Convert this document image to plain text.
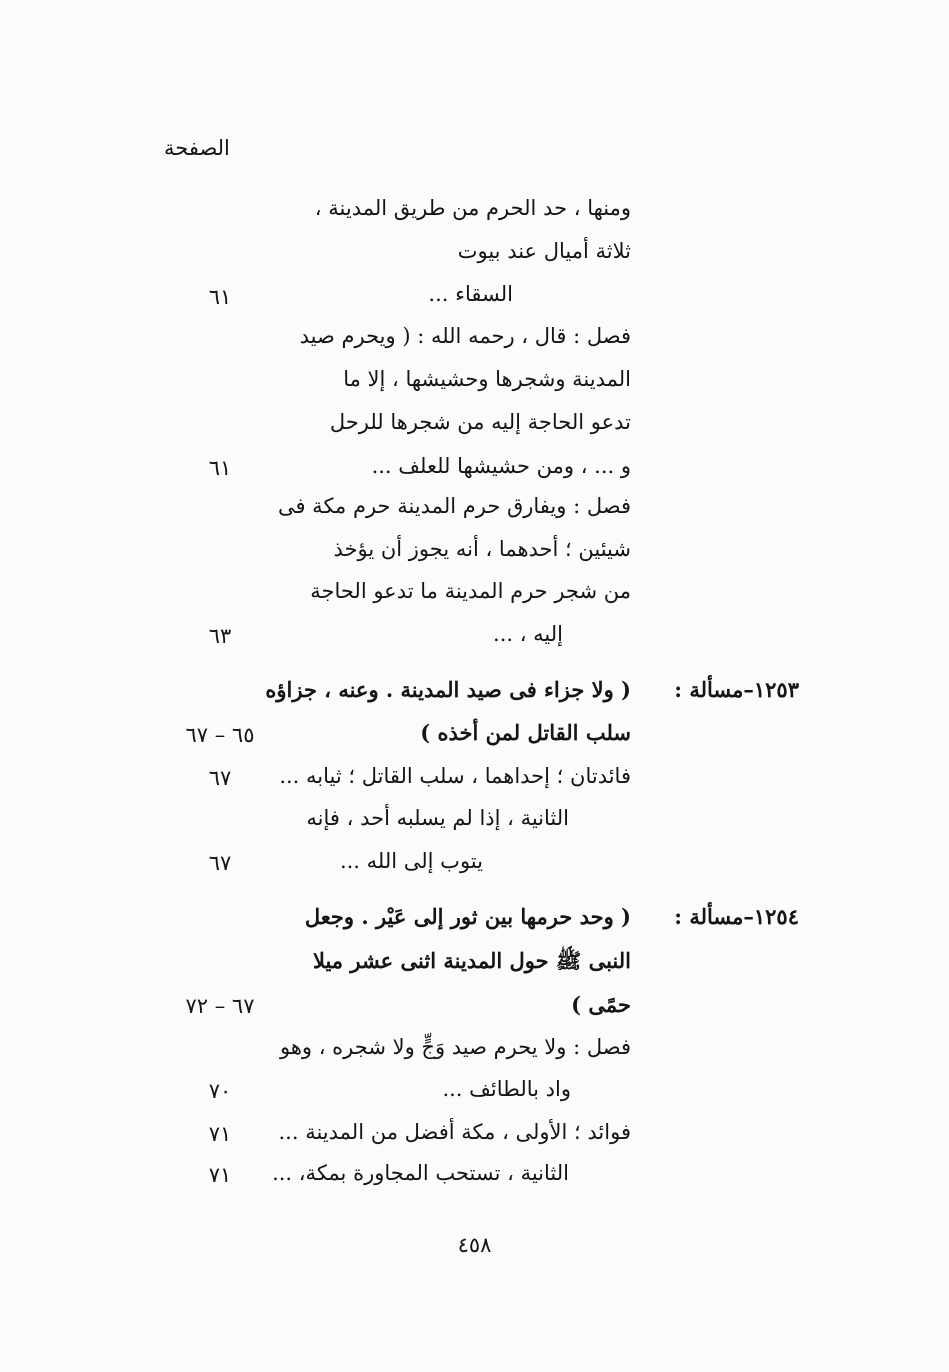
الصفحة
ومنها ، حد الحرم من طريق المدينة ،
ثلاثة أميال عند بيوت
السقاء ...
٦١
فصل : قال ، رحمه الله : ( ويحرم صيد
المدينة وشجرها وحشيشها ، إلا ما
تدعو الحاجة إليه من شجرها للرحل
و ... ، ومن حشيشها للعلف ...
٦١
فصل : ويفارق حرم المدينة حرم مكة فى
شيئين ؛ أحدهما ، أنه يجوز أن يؤخذ
من شجر حرم المدينة ما تدعو الحاجة
إليه ، ...
٦٣
١٢٥٣–مسألة :
( ولا جزاء فى صيد المدينة . وعنه ، جزاؤه
سلب القاتل لمن أخذه )
٦٥ – ٦٧
فائدتان ؛ إحداهما ، سلب القاتل ؛ ثيابه ...
٦٧
الثانية ، إذا لم يسلبه أحد ، فإنه
يتوب إلى الله ...
٦٧
١٢٥٤–مسألة :
( وحد حرمها بين ثور إلى عَيْر . وجعل
النبى ﷺ حول المدينة اثنى عشر ميلا
حمًى )
٦٧ – ٧٢
فصل : ولا يحرم صيد وَجٍّ ولا شجره ، وهو
واد بالطائف ...
٧٠
فوائد ؛ الأولى ، مكة أفضل من المدينة ...
٧١
الثانية ، تستحب المجاورة بمكة، ...
٧١
٤٥٨
